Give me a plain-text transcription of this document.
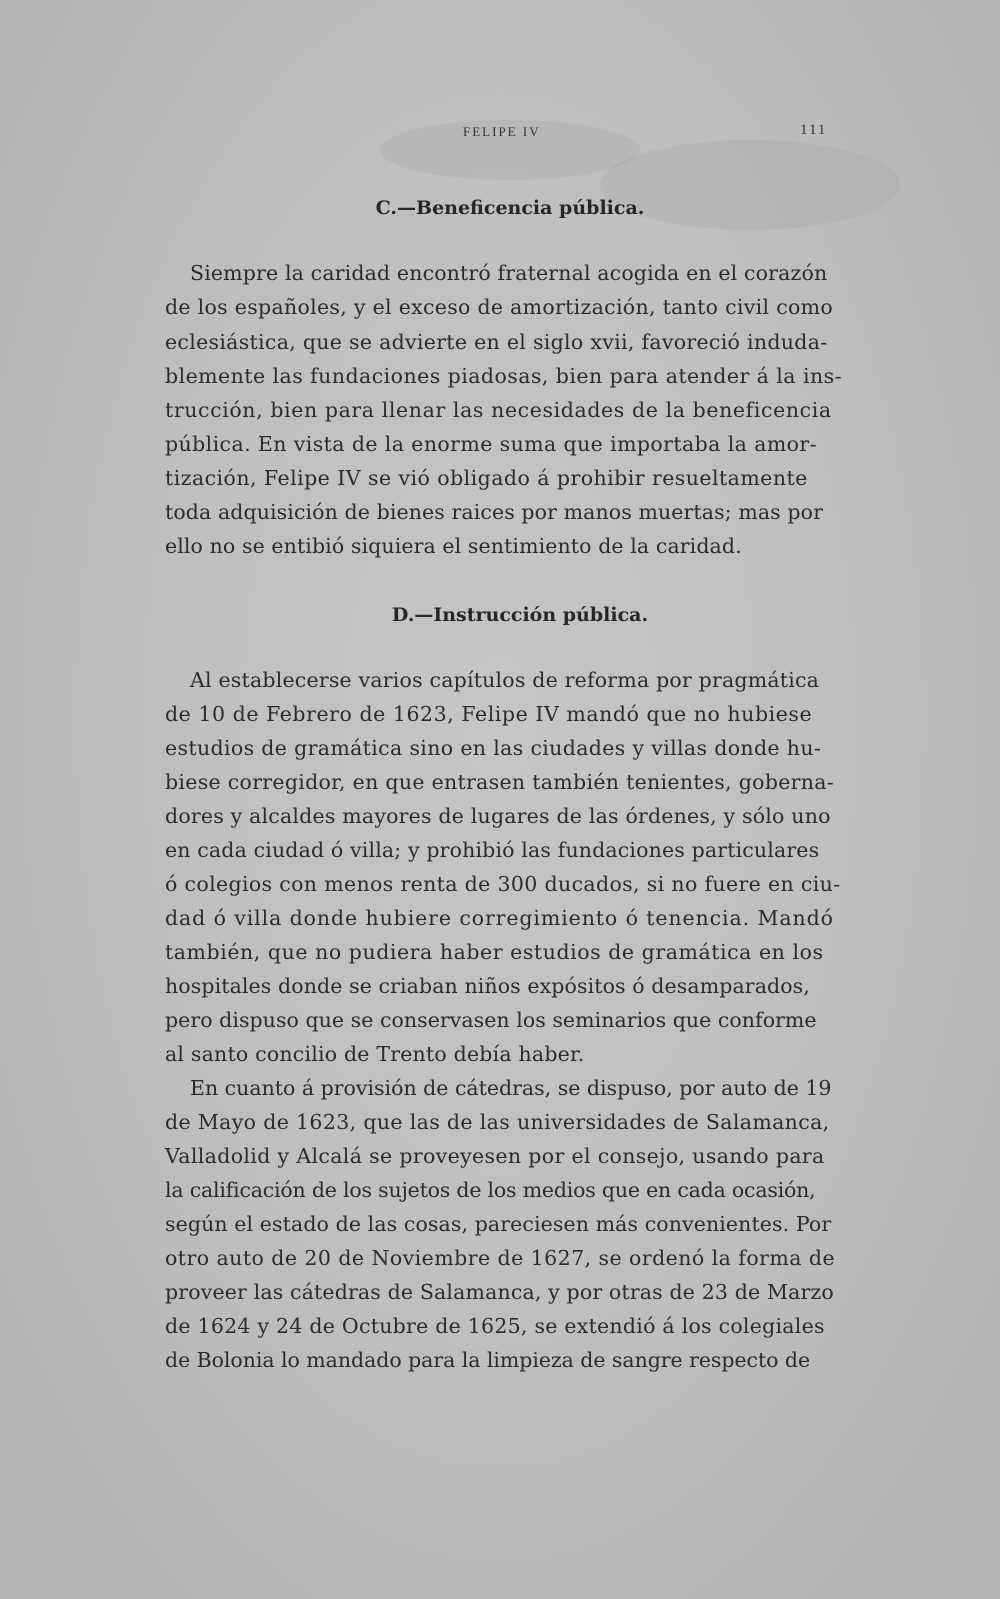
FELIPE IV	111
C.—Beneficencia pública.
D.—Instrucción pública.
Siempre la caridad encontró fraternal acogida en el corazón
de los españoles, y el exceso de amortización, tanto civil como
eclesiástica, que se advierte en el siglo xvii, favoreció induda-
blemente las fundaciones piadosas, bien para atender á la ins-
trucción, bien para llenar las necesidades de la beneficencia
pública. En vista de la enorme suma que importaba la amor-
tización, Felipe IV se vió obligado á prohibir resueltamente
toda adquisición de bienes raices por manos muertas; mas por
ello no se entibió siquiera el sentimiento de la caridad.
Al establecerse varios capítulos de reforma por pragmática
de 10 de Febrero de 1623, Felipe IV mandó que no hubiese
estudios de gramática sino en las ciudades y villas donde hu-
biese corregidor, en que entrasen también tenientes, goberna-
dores y alcaldes mayores de lugares de las órdenes, y sólo uno
en cada ciudad ó villa; y prohibió las fundaciones particulares
ó colegios con menos renta de 300 ducados, si no fuere en ciu-
dad ó villa donde hubiere corregimiento ó tenencia. Mandó
también, que no pudiera haber estudios de gramática en los
hospitales donde se criaban niños expósitos ó desamparados,
pero dispuso que se conservasen los seminarios que conforme
al santo concilio de Trento debía haber.
En cuanto á provisión de cátedras, se dispuso, por auto de 19
de Mayo de 1623, que las de las universidades de Salamanca,
Valladolid y Alcalá se proveyesen por el consejo, usando para
la calificación de los sujetos de los medios que en cada ocasión,
según el estado de las cosas, pareciesen más convenientes. Por
otro auto de 20 de Noviembre de 1627, se ordenó la forma de
proveer las cátedras de Salamanca, y por otras de 23 de Marzo
de 1624 y 24 de Octubre de 1625, se extendió á los colegiales
de Bolonia lo mandado para la limpieza de sangre respecto de
